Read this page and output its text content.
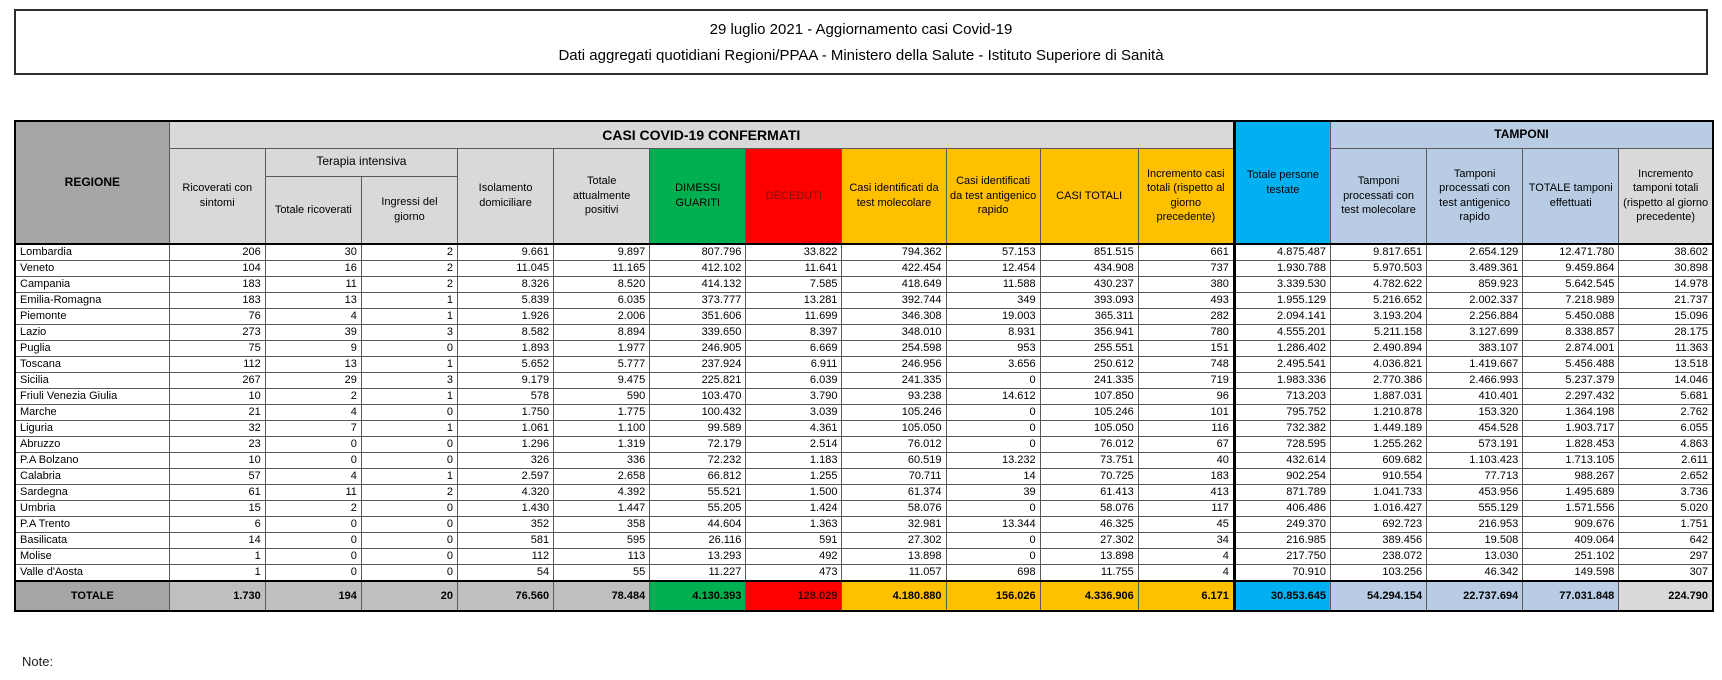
29 luglio 2021 - Aggiornamento casi Covid-19
Dati aggregati quotidiani Regioni/PPAA - Ministero della Salute - Istituto Superiore di Sanità
REGIONE	CASI COVID-19 CONFERMATI											Totale persone testate	TAMPONI			
	Ricoverati con sintomi	Terapia intensiva		Isolamento domiciliare	Totale attualmente positivi	DIMESSI GUARITI	DECEDUTI	Casi identificati da test molecolare	Casi identificati da test antigenico rapido	CASI TOTALI	Incremento casi totali (rispetto al giorno precedente)		Tamponi processati con test molecolare	Tamponi processati con test antigenico rapido	TOTALE tamponi effettuati	Incremento tamponi totali (rispetto al giorno precedente)
		Totale ricoverati	Ingressi del giorno													
Lombardia	206	30	2	9.661	9.897	807.796	33.822	794.362	57.153	851.515	661	4.875.487	9.817.651	2.654.129	12.471.780	38.602
Veneto	104	16	2	11.045	11.165	412.102	11.641	422.454	12.454	434.908	737	1.930.788	5.970.503	3.489.361	9.459.864	30.898
Campania	183	11	2	8.326	8.520	414.132	7.585	418.649	11.588	430.237	380	3.339.530	4.782.622	859.923	5.642.545	14.978
Emilia-Romagna	183	13	1	5.839	6.035	373.777	13.281	392.744	349	393.093	493	1.955.129	5.216.652	2.002.337	7.218.989	21.737
Piemonte	76	4	1	1.926	2.006	351.606	11.699	346.308	19.003	365.311	282	2.094.141	3.193.204	2.256.884	5.450.088	15.096
Lazio	273	39	3	8.582	8.894	339.650	8.397	348.010	8.931	356.941	780	4.555.201	5.211.158	3.127.699	8.338.857	28.175
Puglia	75	9	0	1.893	1.977	246.905	6.669	254.598	953	255.551	151	1.286.402	2.490.894	383.107	2.874.001	11.363
Toscana	112	13	1	5.652	5.777	237.924	6.911	246.956	3.656	250.612	748	2.495.541	4.036.821	1.419.667	5.456.488	13.518
Sicilia	267	29	3	9.179	9.475	225.821	6.039	241.335	0	241.335	719	1.983.336	2.770.386	2.466.993	5.237.379	14.046
Friuli Venezia Giulia	10	2	1	578	590	103.470	3.790	93.238	14.612	107.850	96	713.203	1.887.031	410.401	2.297.432	5.681
Marche	21	4	0	1.750	1.775	100.432	3.039	105.246	0	105.246	101	795.752	1.210.878	153.320	1.364.198	2.762
Liguria	32	7	1	1.061	1.100	99.589	4.361	105.050	0	105.050	116	732.382	1.449.189	454.528	1.903.717	6.055
Abruzzo	23	0	0	1.296	1.319	72.179	2.514	76.012	0	76.012	67	728.595	1.255.262	573.191	1.828.453	4.863
P.A Bolzano	10	0	0	326	336	72.232	1.183	60.519	13.232	73.751	40	432.614	609.682	1.103.423	1.713.105	2.611
Calabria	57	4	1	2.597	2.658	66.812	1.255	70.711	14	70.725	183	902.254	910.554	77.713	988.267	2.652
Sardegna	61	11	2	4.320	4.392	55.521	1.500	61.374	39	61.413	413	871.789	1.041.733	453.956	1.495.689	3.736
Umbria	15	2	0	1.430	1.447	55.205	1.424	58.076	0	58.076	117	406.486	1.016.427	555.129	1.571.556	5.020
P.A Trento	6	0	0	352	358	44.604	1.363	32.981	13.344	46.325	45	249.370	692.723	216.953	909.676	1.751
Basilicata	14	0	0	581	595	26.116	591	27.302	0	27.302	34	216.985	389.456	19.508	409.064	642
Molise	1	0	0	112	113	13.293	492	13.898	0	13.898	4	217.750	238.072	13.030	251.102	297
Valle d'Aosta	1	0	0	54	55	11.227	473	11.057	698	11.755	4	70.910	103.256	46.342	149.598	307
TOTALE	1.730	194	20	76.560	78.484	4.130.393	128.029	4.180.880	156.026	4.336.906	6.171	30.853.645	54.294.154	22.737.694	77.031.848	224.790
Note:
